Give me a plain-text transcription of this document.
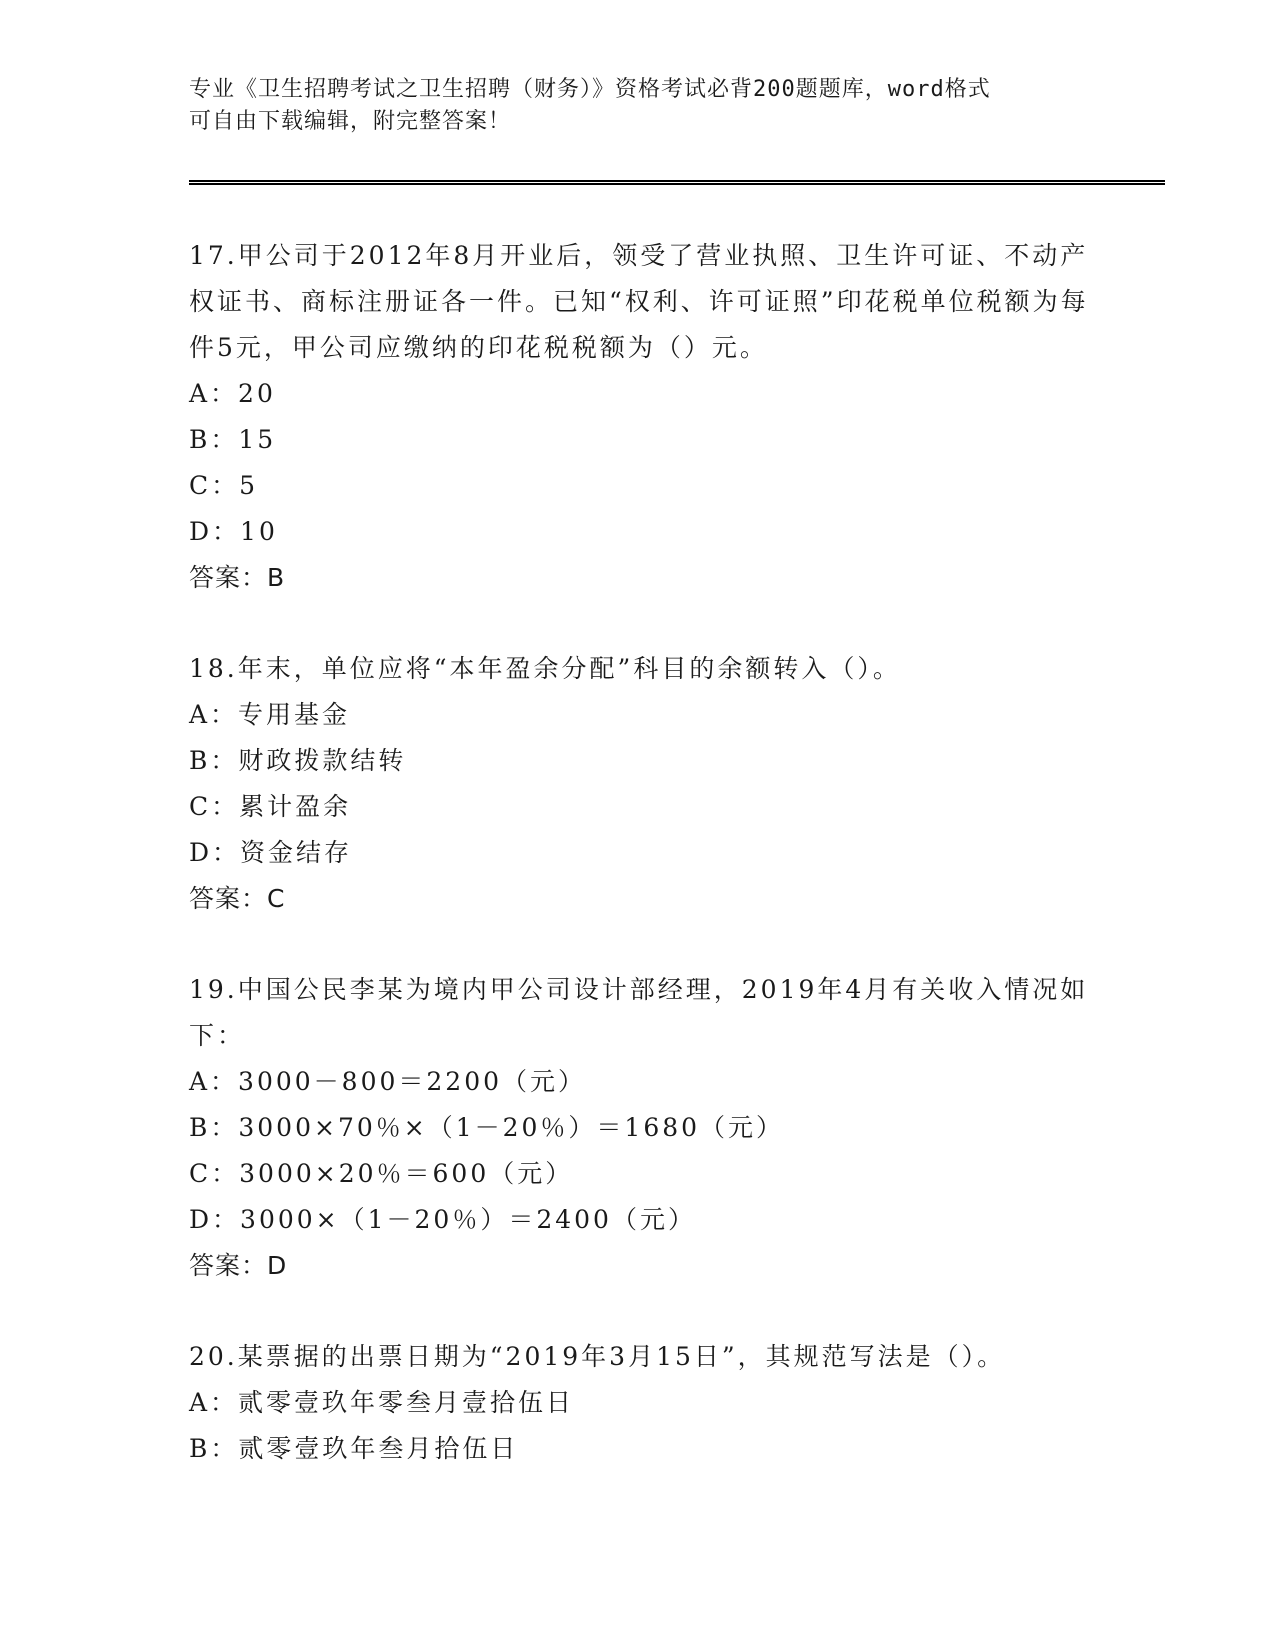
专业《卫生招聘考试之卫生招聘（财务）》资格考试必背200题题库，word格式
可自由下载编辑，附完整答案！
17.甲公司于2012年8月开业后，领受了营业执照、卫生许可证、不动产权证书、商标注册证各一件。已知“权利、许可证照”印花税单位税额为每件5元，甲公司应缴纳的印花税税额为（）元。
A：20
B：15
C：5
D：10
答案：B
18.年末，单位应将“本年盈余分配”科目的余额转入（）。
A：专用基金
B：财政拨款结转
C：累计盈余
D：资金结存
答案：C
19.中国公民李某为境内甲公司设计部经理，2019年4月有关收入情况如下：
A：3000－800＝2200（元）
B：3000×70％×（1－20％）＝1680（元）
C：3000×20％＝600（元）
D：3000×（1－20％）＝2400（元）
答案：D
20.某票据的出票日期为“2019年3月15日”，其规范写法是（）。
A：贰零壹玖年零叁月壹拾伍日
B：贰零壹玖年叁月拾伍日
